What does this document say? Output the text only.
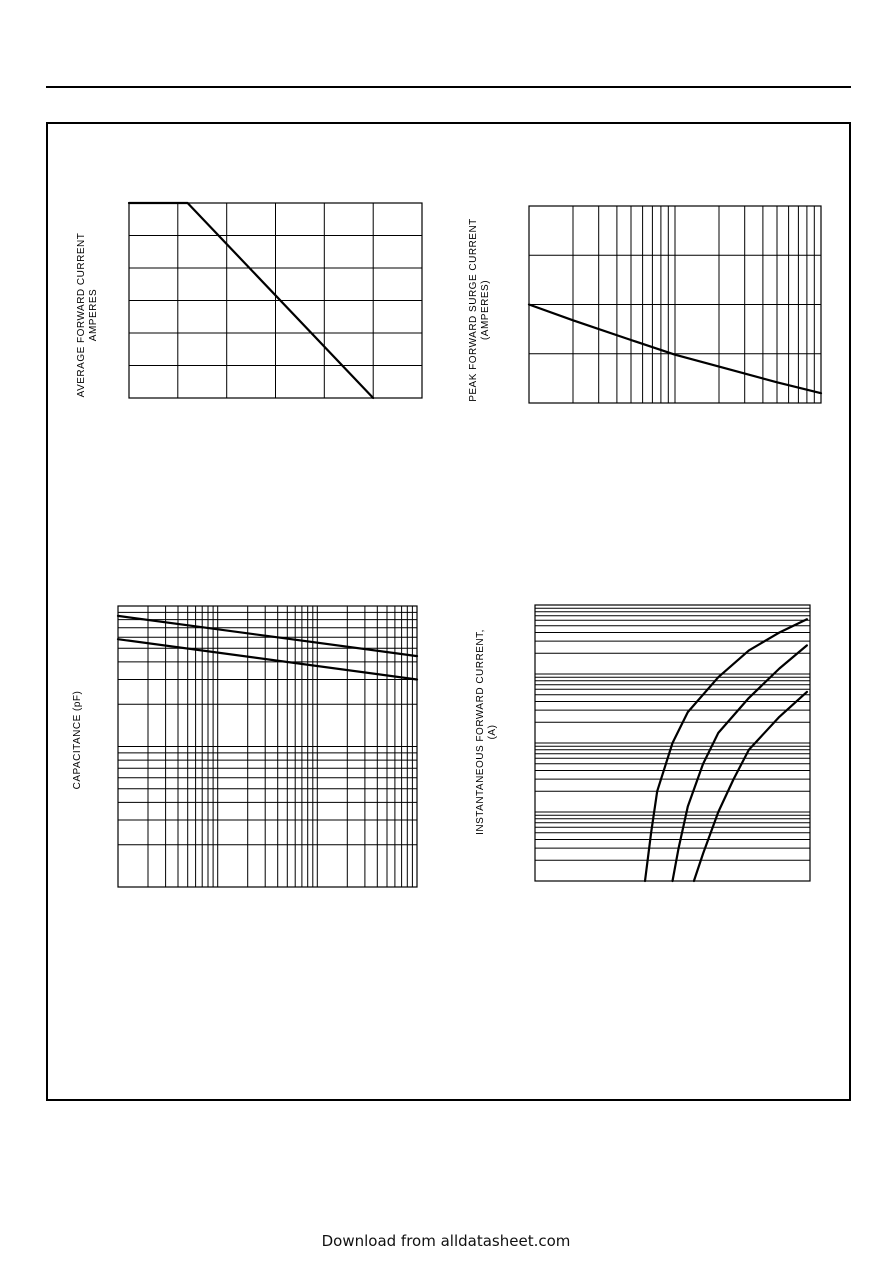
AVERAGE FORWARD CURRENT AMPERES	PEAK FORWARD SURGE CURRENT (AMPERES)
CAPACITANCE (pF)	INSTANTANEOUS FORWARD CURRENT, (A)
Download from alldatasheet.com
